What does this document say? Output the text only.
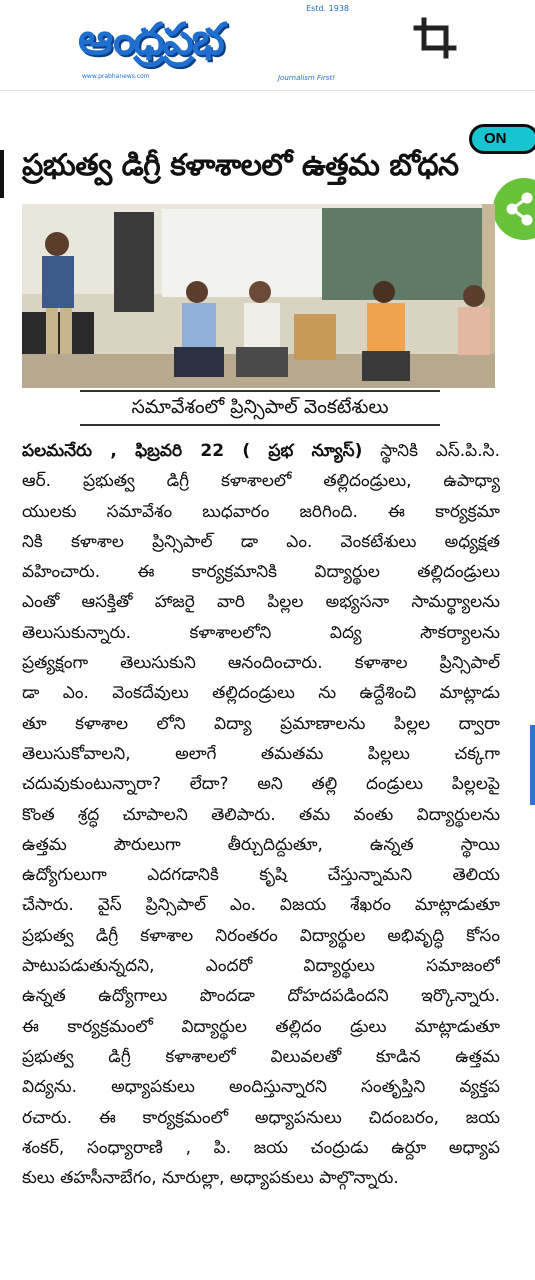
Estd. 1938
ఆంధ్రప్రభ
www.prabhanews.com	Journalism First!
ON
ప్రభుత్వ డిగ్రీ కళాశాలలో ఉత్తమ బోధన
సమావేశంలో ప్రిన్సిపాల్ వెంకటేశులు
పలమనేరు , ఫిబ్రవరి 22 ( ప్రభ న్యూస్) స్థానికి ఎస్.పి.సి.
ఆర్. ప్రభుత్వ డిగ్రీ కళాశాలలో తల్లిదండ్రులు, ఉపాధ్యా
యులకు సమావేశం బుధవారం జరిగింది. ఈ కార్యక్రమా
నికి కళాశాల ప్రిన్సిపాల్ డా ఎం. వెంకటేశులు అధ్యక్షత
వహించారు. ఈ కార్యక్రమానికి విద్యార్థుల తల్లిదండ్రులు
ఎంతో ఆసక్తితో హాజరై వారి పిల్లల అభ్యసనా సామర్థ్యాలను
తెలుసుకున్నారు. కళాశాలలోని విద్య సౌకర్యాలను
ప్రత్యక్షంగా తెలుసుకుని ఆనందించారు. కళాశాల ప్రిన్సిపాల్
డా ఎం. వెంకదేవులు తల్లిదండ్రులు ను ఉద్దేశించి మాట్లాడు
తూ కళాశాల లోని విద్యా ప్రమాణాలను పిల్లల ద్వారా
తెలుసుకోవాలని, అలాగే తమతమ పిల్లలు చక్కగా
చదువుకుంటున్నారా? లేదా? అని తల్లి దండ్రులు పిల్లలపై
కొంత శ్రద్ధ చూపాలని తెలిపారు. తమ వంతు విద్యార్థులను
ఉత్తమ పౌరులుగా తీర్చుదిద్దుతూ, ఉన్నత స్థాయి
ఉద్యోగులుగా ఎదగడానికి కృషి చేస్తున్నామని తెలియ
చేసారు. వైస్ ప్రిన్సిపాల్ ఎం. విజయ శేఖరం మాట్లాడుతూ
ప్రభుత్వ డిగ్రీ కళాశాల నిరంతరం విద్యార్థుల అభివృద్ధి కోసం
పాటుపడుతున్నదని, ఎందరో విద్యార్థులు సమాజంలో
ఉన్నత ఉద్యోగాలు పొందడా దోహదపడిందని ఇర్కొన్నారు.
ఈ కార్యక్రమంలో విద్యార్థుల తల్లిదం డ్రులు మాట్లాడుతూ
ప్రభుత్వ డిగ్రీ కళాశాలలో విలువలతో కూడిన ఉత్తమ
విద్యను. అధ్యాపకులు అందిస్తున్నారని సంతృప్తిని వ్యక్తప
రచారు. ఈ కార్యక్రమంలో అధ్యాపనులు చిదంబరం, జయ
శంకర్, సంధ్యారాణి , పి. జయ చంద్రుడు ఉర్దూ అధ్యాప
కులు తహసీనాబేగం, నూరుల్లా, అధ్యాపకులు పాల్గొన్నారు.
